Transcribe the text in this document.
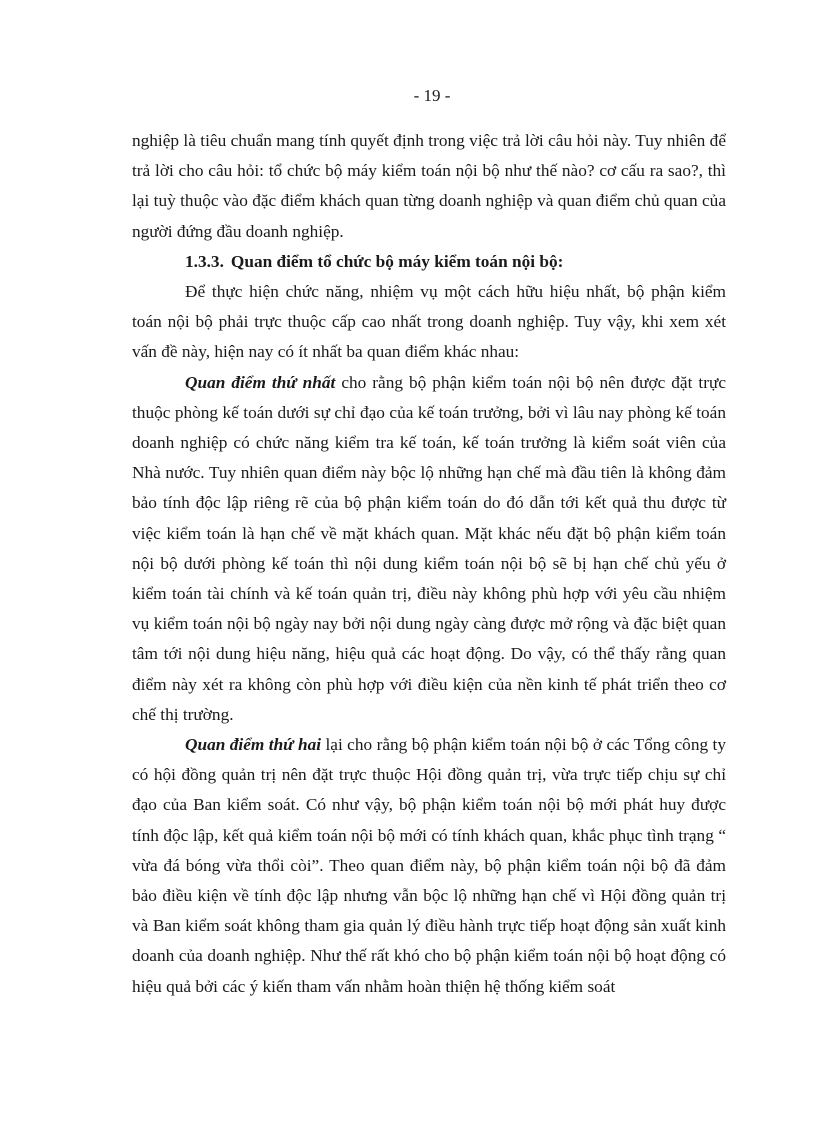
- 19 -

nghiệp là tiêu chuẩn mang tính quyết định trong việc trả lời câu hỏi này. Tuy nhiên để trả lời cho câu hỏi: tổ chức bộ máy kiểm toán nội bộ như thế nào? cơ cấu ra sao?, thì lại tuỳ thuộc vào đặc điểm khách quan từng doanh nghiệp và quan điểm chủ quan của người đứng đầu doanh nghiệp.

1.3.3. Quan điểm tổ chức bộ máy kiểm toán nội bộ:

Để thực hiện chức năng, nhiệm vụ một cách hữu hiệu nhất, bộ phận kiểm toán nội bộ phải trực thuộc cấp cao nhất trong doanh nghiệp. Tuy vậy, khi xem xét vấn đề này, hiện nay có ít nhất ba quan điểm khác nhau:

Quan điểm thứ nhất cho rằng bộ phận kiểm toán nội bộ nên được đặt trực thuộc phòng kế toán dưới sự chỉ đạo của kế toán trưởng, bởi vì lâu nay phòng kế toán doanh nghiệp có chức năng kiểm tra kế toán, kế toán trưởng là kiểm soát viên của Nhà nước. Tuy nhiên quan điểm này bộc lộ những hạn chế mà đầu tiên là không đảm bảo tính độc lập riêng rẽ của bộ phận kiểm toán do đó dẫn tới kết quả thu được từ việc kiểm toán là hạn chế về mặt khách quan. Mặt khác nếu đặt bộ phận kiểm toán nội bộ dưới phòng kế toán thì nội dung kiểm toán nội bộ sẽ bị hạn chế chủ yếu ở kiểm toán tài chính và kế toán quản trị, điều này không phù hợp với yêu cầu nhiệm vụ kiểm toán nội bộ ngày nay bởi nội dung ngày càng được mở rộng và đặc biệt quan tâm tới nội dung hiệu năng, hiệu quả các hoạt động. Do vậy, có thể thấy rằng quan điểm này xét ra không còn phù hợp với điều kiện của nền kinh tế phát triển theo cơ chế thị trường.

Quan điểm thứ hai lại cho rằng bộ phận kiểm toán nội bộ ở các Tổng công ty có hội đồng quản trị nên đặt trực thuộc Hội đồng quản trị, vừa trực tiếp chịu sự chỉ đạo của Ban kiểm soát. Có như vậy, bộ phận kiểm toán nội bộ mới phát huy được tính độc lập, kết quả kiểm toán nội bộ mới có tính khách quan, khắc phục tình trạng “ vừa đá bóng vừa thổi còi”. Theo quan điểm này, bộ phận kiểm toán nội bộ đã đảm bảo điều kiện về tính độc lập nhưng vẫn bộc lộ những hạn chế vì Hội đồng quản trị và Ban kiểm soát không tham gia quản lý điều hành trực tiếp hoạt động sản xuất kinh doanh của doanh nghiệp. Như thế rất khó cho bộ phận kiểm toán nội bộ hoạt động có hiệu quả bởi các ý kiến tham vấn nhằm hoàn thiện hệ thống kiểm soát
